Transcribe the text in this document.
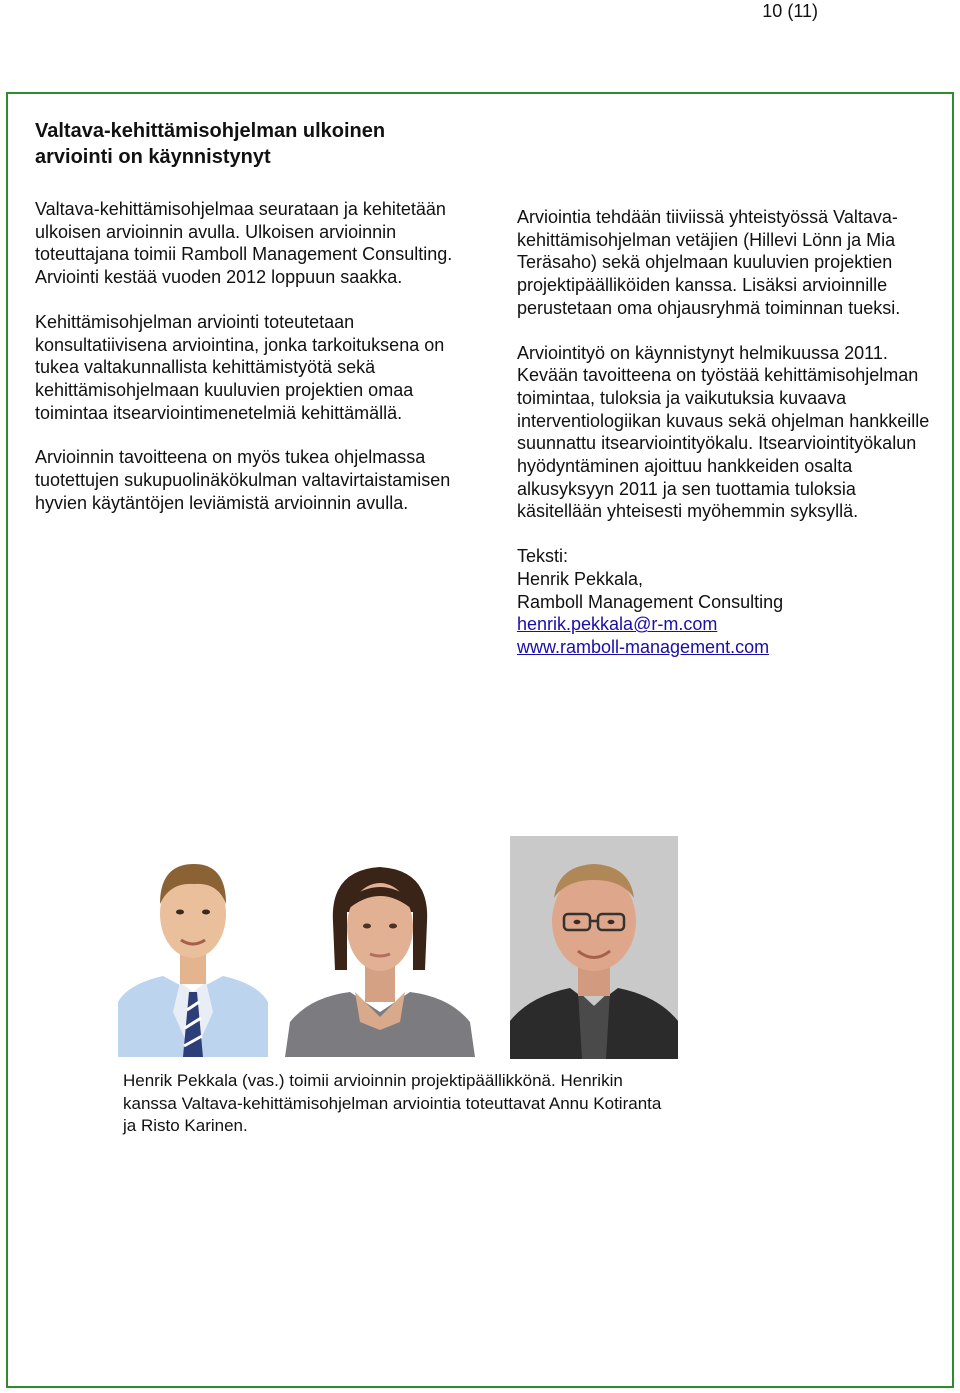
10 (11)
Valtava-kehittämisohjelman ulkoinen arviointi on käynnistynyt

Valtava-kehittämisohjelmaa seurataan ja kehitetään ulkoisen arvioinnin avulla. Ulkoisen arvioinnin toteuttajana toimii Ramboll Management Consulting. Arviointi kestää vuoden 2012 loppuun saakka.

Kehittämisohjelman arviointi toteutetaan konsultatiivisena arviointina, jonka tarkoituksena on tukea valtakunnallista kehittämistyötä sekä kehittämisohjelmaan kuuluvien projektien omaa toimintaa itsearviointimenetelmiä kehittämällä.

Arvioinnin tavoitteena on myös tukea ohjelmassa tuotettujen sukupuolinäkökulman valtavirtaistamisen hyvien käytäntöjen leviämistä arvioinnin avulla.

Arviointia tehdään tiiviissä yhteistyössä Valtava-kehittämisohjelman vetäjien (Hillevi Lönn ja Mia Teräsaho) sekä ohjelmaan kuuluvien projektien projektipäälliköiden kanssa. Lisäksi arvioinnille perustetaan oma ohjausryhmä toiminnan tueksi.

Arviointityö on käynnistynyt helmikuussa 2011. Kevään tavoitteena on työstää kehittämisohjelman toimintaa, tuloksia ja vaikutuksia kuvaava interventiologiikan kuvaus sekä ohjelman hankkeille suunnattu itsearviointityökalu. Itsearviointityökalun hyödyntäminen ajoittuu hankkeiden osalta alkusyksyyn 2011 ja sen tuottamia tuloksia käsitellään yhteisesti myöhemmin syksyllä.

Teksti:

Henrik Pekkala,

Ramboll Management Consulting

henrik.pekkala@r-m.com
www.ramboll-management.com
Henrik Pekkala (vas.) toimii arvioinnin projektipäällikkönä. Henrikin kanssa Valtava-kehittämisohjelman arviointia toteuttavat Annu Kotiranta ja Risto Karinen.
